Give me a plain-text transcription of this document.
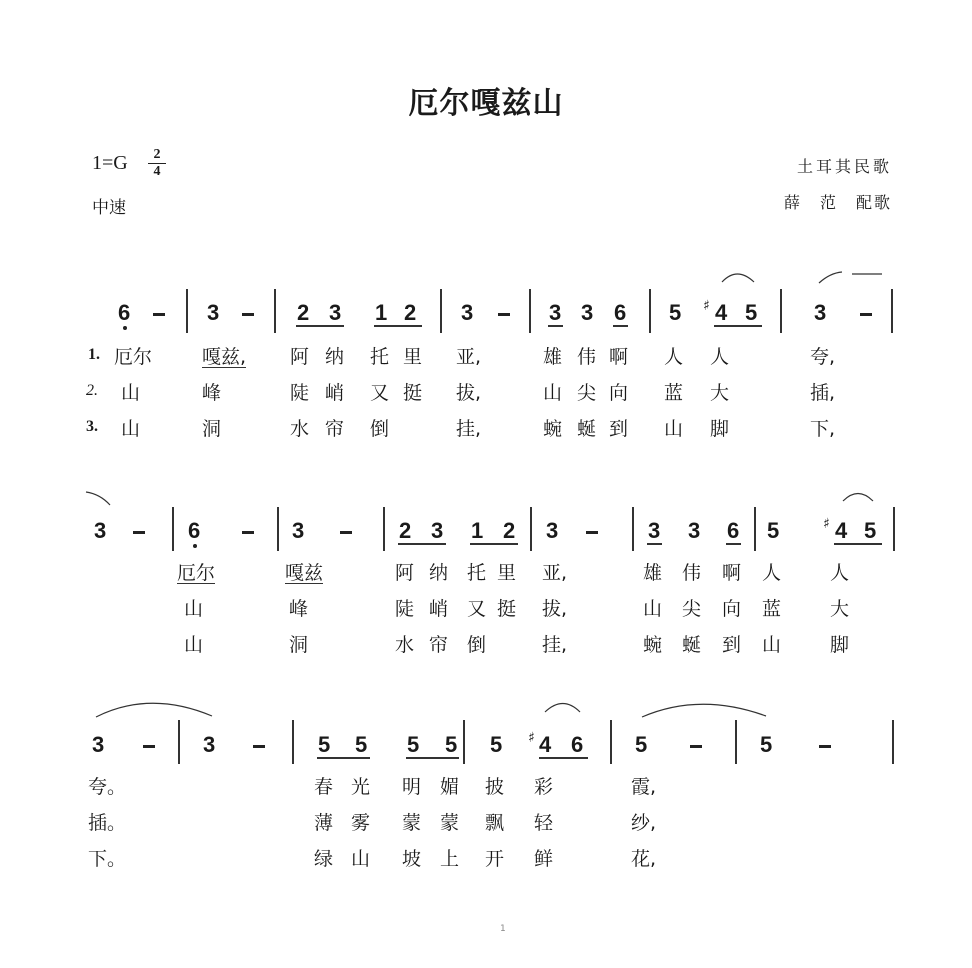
厄尔嘎兹山
$1=G \frac{2}{4}$
中速
土耳其民歌
薛　范　配歌
6	3	2 3 1 2 3	3 3 6 5 ♯ 4 5	3
1.
2.
3.
厄尔	嘎兹, 阿 纳 托 里 亚,	雄 伟 啊 人 人	夸,
山	峰	陡 峭 又 挺 拔,	山 尖 向 蓝 大	插,
山	洞	水 帘 倒	挂,	蜿 蜒 到 山 脚	下,
3	6	3	2 3 1 2 3	3 3 6 5	♯ 4 5
厄尔	嘎兹	阿 纳 托 里 亚,	雄 伟 啊 人	人
山	峰	陡 峭 又 挺 拔,	山 尖 向 蓝	大
山	洞	水 帘 倒	挂,	蜿 蜒 到 山	脚
3	3	5 5 5 5 5 ♯ 4 6 5	5
夸。	春 光 明 媚 披 彩	霞,
插。	薄 雾 蒙 蒙 飘 轻	纱,
下。	绿 山 坡 上 开 鲜	花,
1
